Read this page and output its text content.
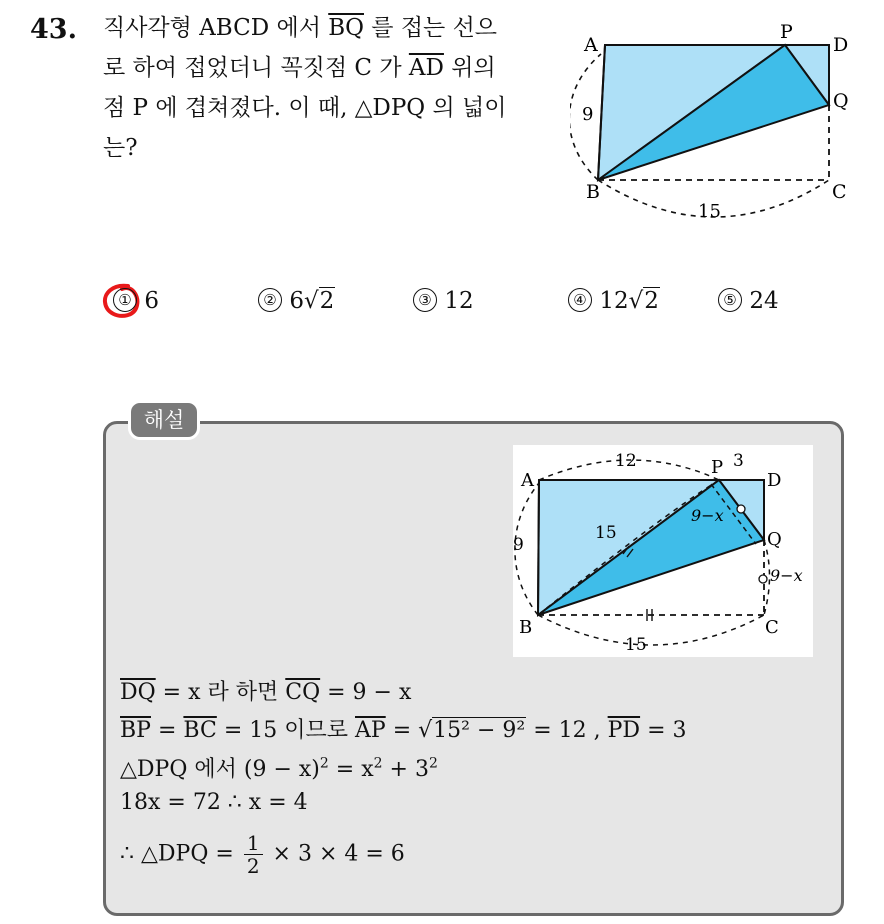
43. 직사각형 ABCD 에서 $\overline{BQ}$ 를 접는 선으
로 하여 접었더니 꼭짓점 C 가 $\overline{AD}$ 위의
점 P 에 겹쳐졌다. 이 때, △DPQ 의 넓이
는?
A
P
D
Q
B	C
9
15
① 6	② 6√2	③ 12	④ 12√2	⑤ 24
해설
A
P
D
Q
B	C
12	3
9
15
15
9−x
9−x
$\overline{DQ} = x$ 라 하면 $\overline{CQ} = 9 - x$
$\overline{BP} = \overline{BC} = 15$ 이므로 $\overline{AP} = √15^2 - 9^2 = 12$ , $\overline{PD} = 3$
△DPQ 에서 $(9 - x)^2 = x^2 + 3^2$
18x = 72 ∴ x = 4
∴ △DPQ = $\frac{1}{2} \times 3 \times 4 = 6$
